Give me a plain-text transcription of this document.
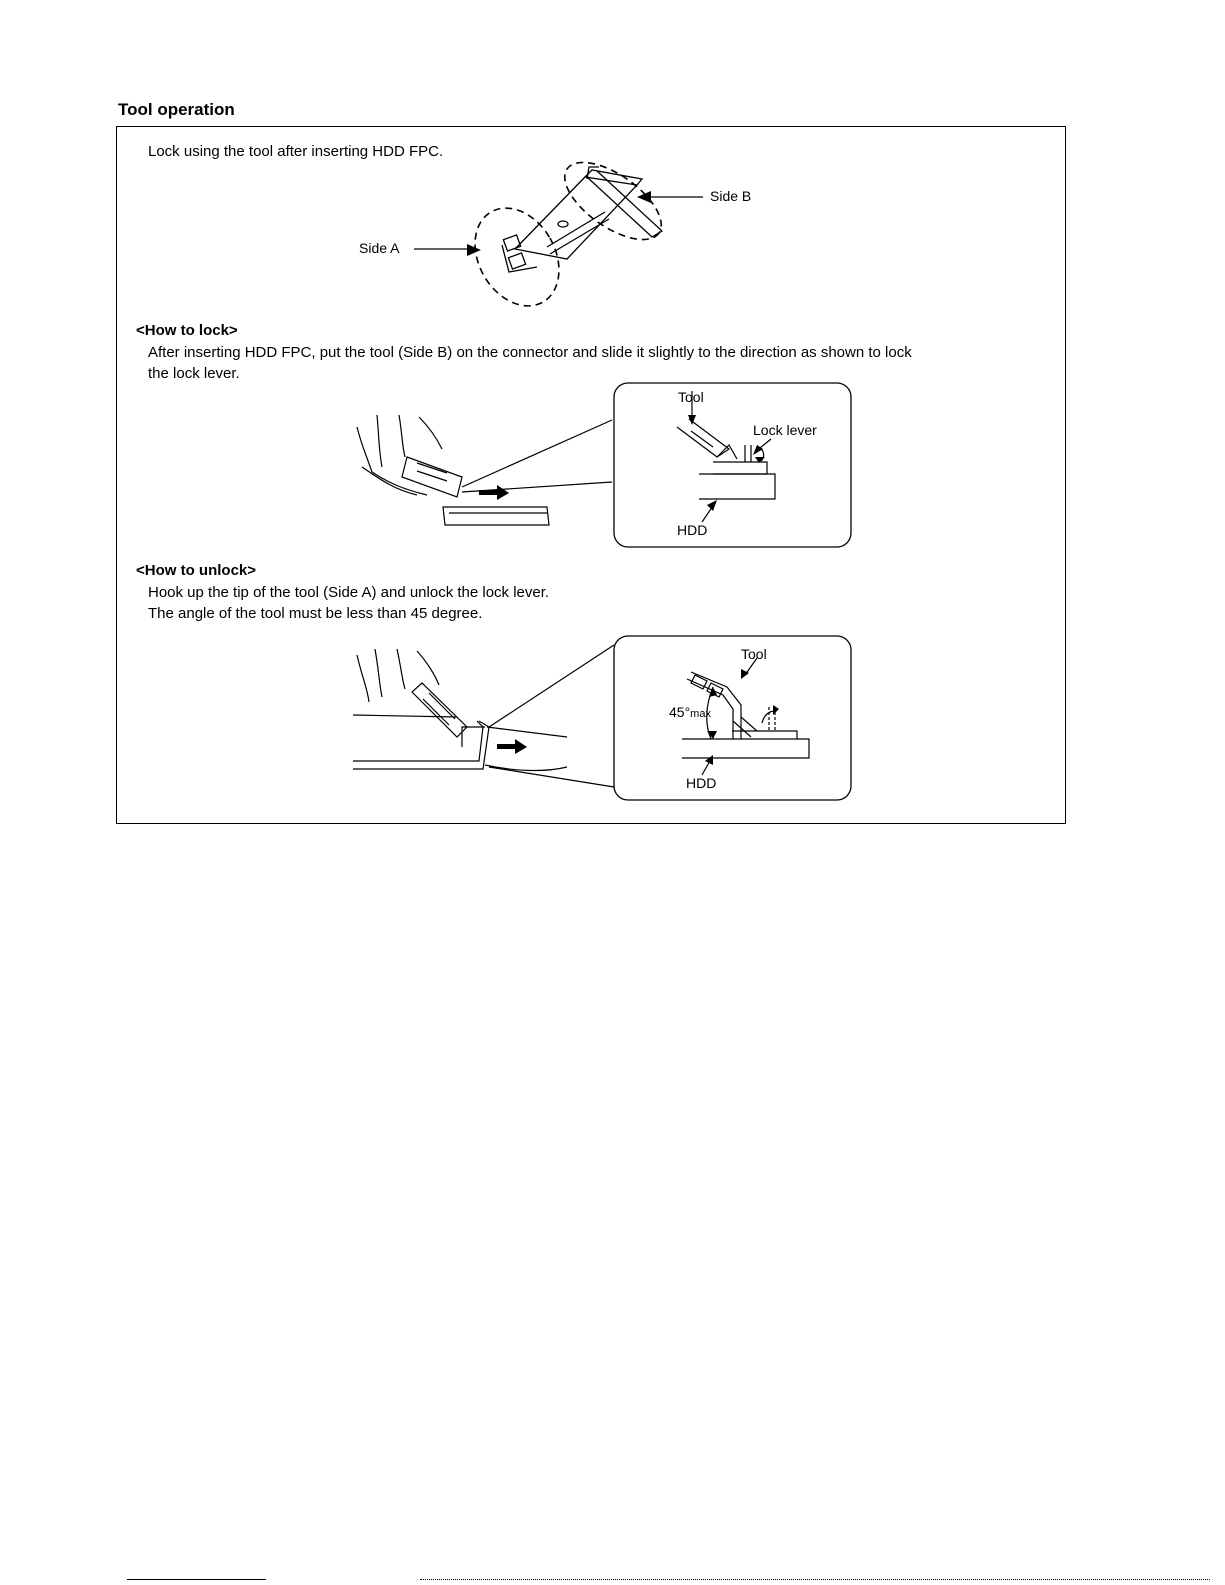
Tool operation
Lock using the tool after inserting HDD FPC.
Side A
Side B
<How to lock>
After inserting HDD FPC, put the tool (Side B) on the connector and slide it slightly to the direction as shown to lock
the lock lever.
Tool
Lock lever
HDD
<How to unlock>
Hook up the tip of the tool (Side A) and unlock the lock lever.
The angle of the tool must be less than 45 degree.
Tool
45°max
HDD
